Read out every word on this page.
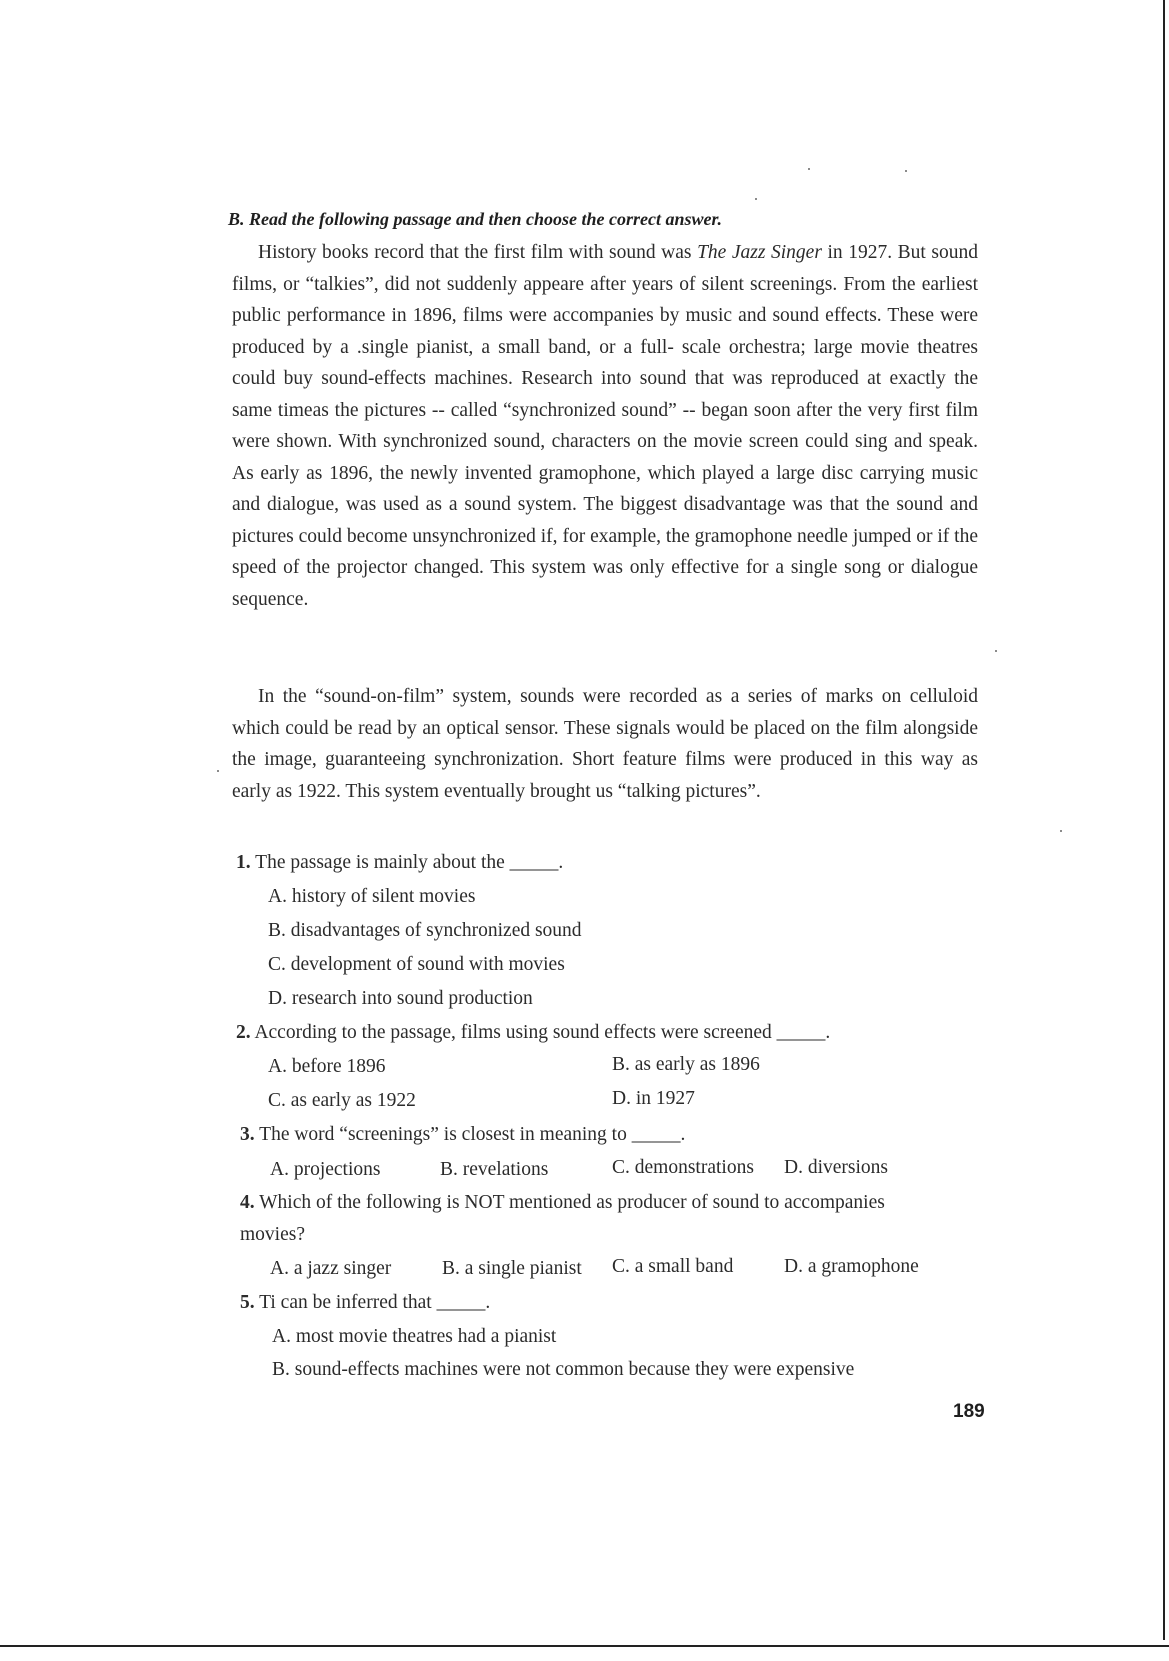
B. Read the following passage and then choose the correct answer.

History books record that the first film with sound was The Jazz Singer in 1927. But sound films, or “talkies”, did not suddenly appeare after years of silent screenings. From the earliest public performance in 1896, films were accompanies by music and sound effects. These were produced by a .single pianist, a small band, or a full- scale orchestra; large movie theatres could buy sound-effects machines. Research into sound that was reproduced at exactly the same timeas the pictures -- called “synchronized sound” -- began soon after the very first film were shown. With synchronized sound, characters on the movie screen could sing and speak. As early as 1896, the newly invented gramophone, which played a large disc carrying music and dialogue, was used as a sound system. The biggest disadvantage was that the sound and pictures could become unsynchronized if, for example, the gramophone needle jumped or if the speed of the projector changed. This system was only effective for a single song or dialogue sequence.

In the “sound-on-film” system, sounds were recorded as a series of marks on celluloid which could be read by an optical sensor. These signals would be placed on the film alongside the image, guaranteeing synchronization. Short feature films were produced in this way as early as 1922. This system eventually brought us “talking pictures”.

1. The passage is mainly about the _____.
A. history of silent movies
B. disadvantages of synchronized sound
C. development of sound with movies
D. research into sound production
2. According to the passage, films using sound effects were screened _____.
A. before 1896	B. as early as 1896
C. as early as 1922	D. in 1927
3. The word “screenings” is closest in meaning to _____.
A. projections	B. revelations	C. demonstrations D. diversions
4. Which of the following is NOT mentioned as producer of sound to accompanies
movies?
A. a jazz singer	B. a single pianist C. a small band	D. a gramophone
5. Ti can be inferred that _____.
A. most movie theatres had a pianist
B. sound-effects machines were not common because they were expensive
189
